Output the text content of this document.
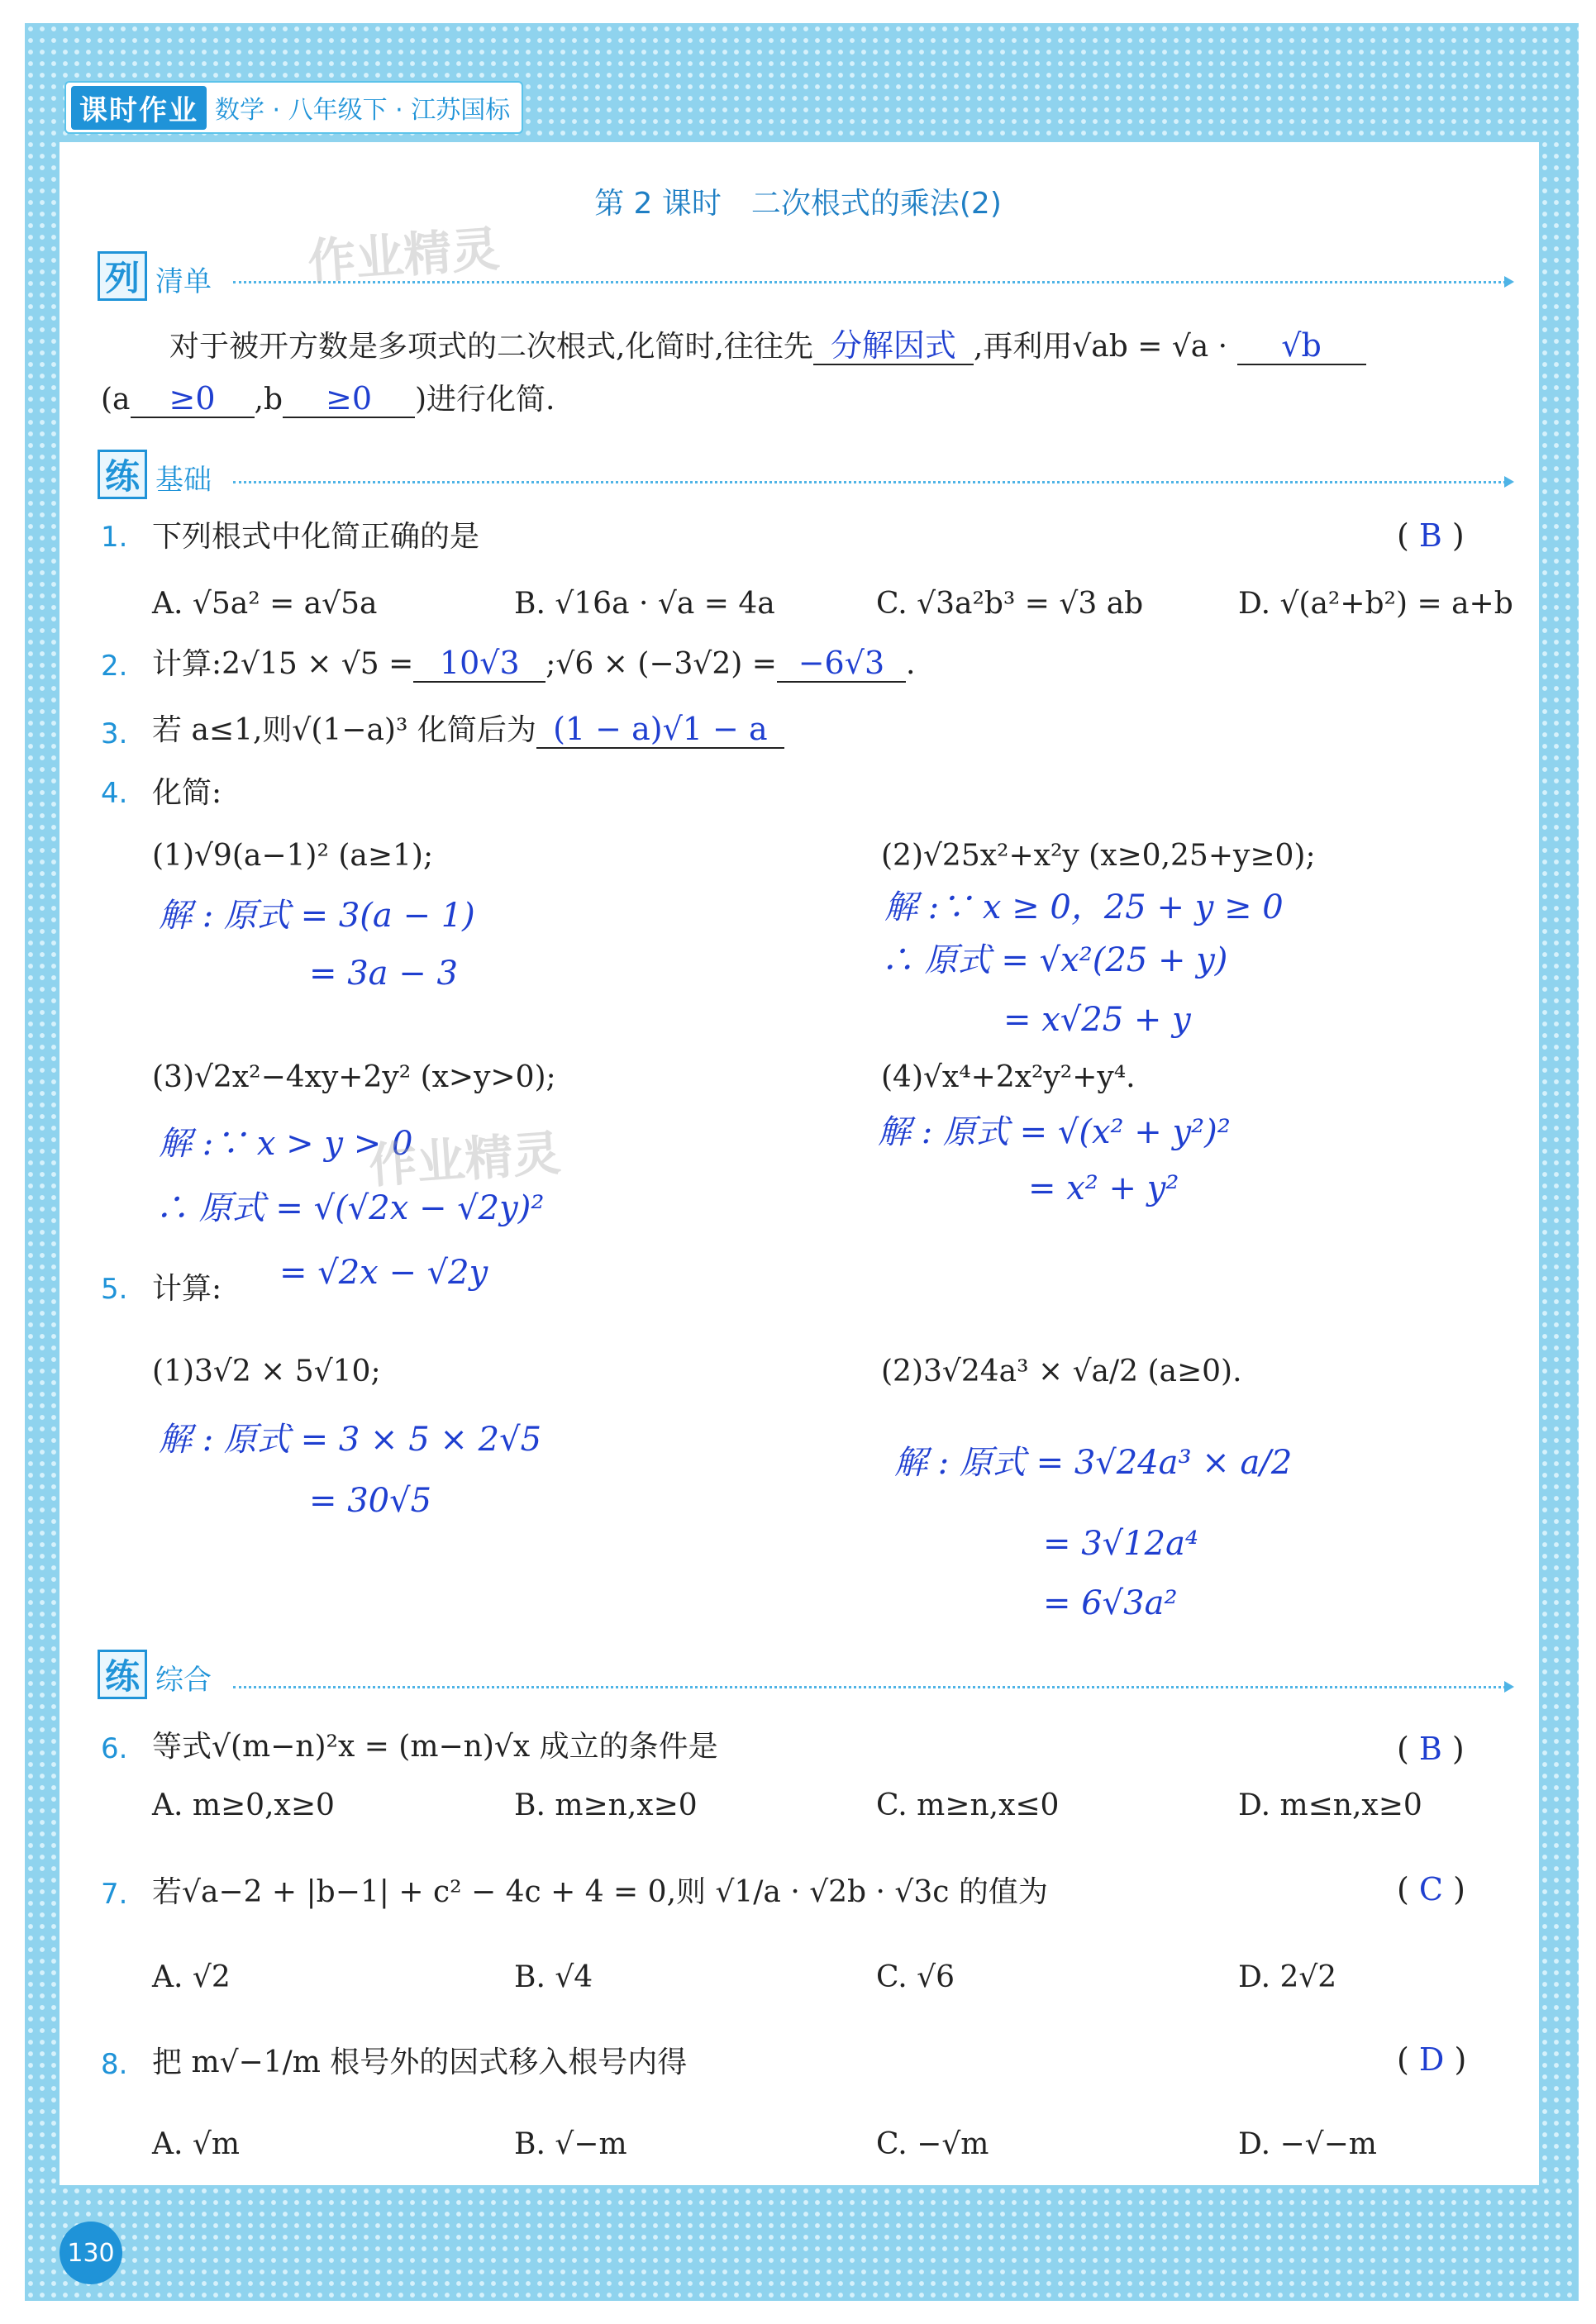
课时作业 数学 · 八年级下 · 江苏国标
第 2 课时　二次根式的乘法(2)
列 清单 作业精灵
对于被开方数是多项式的二次根式,化简时,往往先 分解因式 ,再利用√ab = √a · √b
(a ≥0 ,b ≥0 )进行化简.
练 基础
1. 下列根式中化简正确的是	( B )
A. √5a² = a√5a	B. √16a · √a = 4a	C. √3a²b³ = √3 ab	D. √(a²+b²) = a+b
2. 计算:2√15 × √5 = 10√3 ;√6 × (−3√2) = −6√3 .
3. 若 a≤1,则√(1−a)³ 化简后为 (1 − a)√1 − a
4. 化简:
(1)√9(a−1)² (a≥1);
解 : 原式 = 3(a − 1)
= 3a − 3
(2)√25x²+x²y (x≥0,25+y≥0);
解 :∵ x ≥ 0，25 + y ≥ 0
∴ 原式 = √x²(25 + y)
= x√25 + y
(3)√2x²−4xy+2y² (x>y>0);
解 :∵ x > y > 0
作业精灵
∴ 原式 = √(√2x − √2y)²
= √2x − √2y
(4)√x⁴+2x²y²+y⁴.
解 : 原式 = √(x² + y²)²
= x² + y²
5. 计算:
(1)3√2 × 5√10;
解 : 原式 = 3 × 5 × 2√5
= 30√5
(2)3√24a³ × √a/2 (a≥0).
解 : 原式 = 3√24a³ × a/2
= 3√12a⁴
= 6√3a²
练 综合
6. 等式√(m−n)²x = (m−n)√x 成立的条件是	( B )
A. m≥0,x≥0	B. m≥n,x≥0	C. m≥n,x≤0	D. m≤n,x≥0
7. 若√a−2 + |b−1| + c² − 4c + 4 = 0,则 √1/a · √2b · √3c 的值为	( C )
A. √2	B. √4	C. √6	D. 2√2
8. 把 m√−1/m 根号外的因式移入根号内得	( D )
A. √m	B. √−m	C. −√m	D. −√−m
130
